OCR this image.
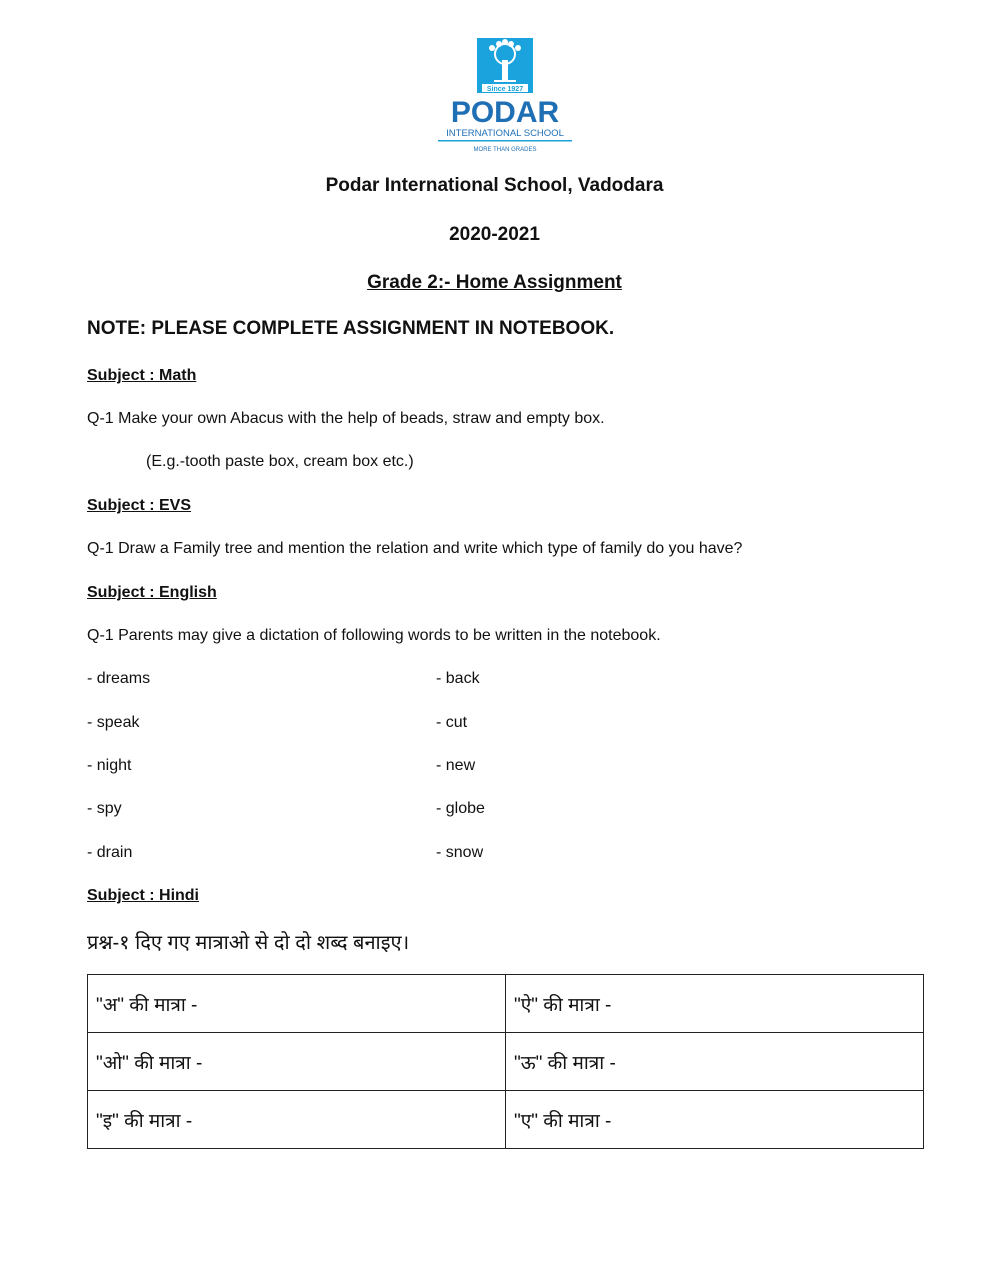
Since 1927
PODAR
INTERNATIONAL SCHOOL
MORE THAN GRADES
Podar International School, Vadodara
2020-2021
Grade 2:- Home Assignment
NOTE: PLEASE COMPLETE ASSIGNMENT IN NOTEBOOK.
Subject : Math
Q-1 Make your own Abacus with the help of beads, straw and empty box.
(E.g.-tooth paste box, cream box etc.)
Subject : EVS
Q-1 Draw a Family tree and mention the relation and write which type of family do you have?
Subject : English
Q-1 Parents may give a dictation of following words to be written in the notebook.
- dreams	- back
- speak	- cut
- night	- new
- spy	- globe
- drain	- snow
Subject : Hindi
प्रश्न-१ दिए गए मात्राओ से दो दो शब्द बनाइए।
"अ" की मात्रा -	"ऐ" की मात्रा -
"ओ" की मात्रा -	"ऊ" की मात्रा -
"इ" की मात्रा -	"ए" की मात्रा -
